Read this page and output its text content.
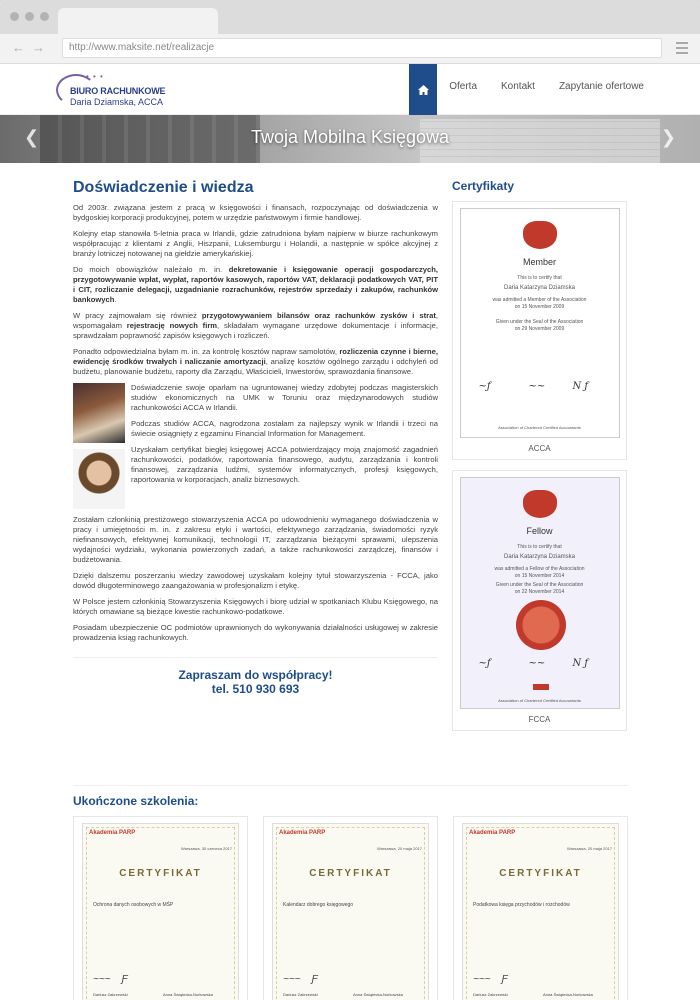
← →	http://www.maksite.net/realizacje
• • •
BIURO RACHUNKOWE
Daria Dziamska, ACCA
Oferta	Kontakt	Zapytanie ofertowe
❮	Twoja Mobilna Księgowa	❯
Doświadczenie i wiedza

Od 2003r. związana jestem z pracą w księgowości i finansach, rozpoczynając od doświadczenia w bydgoskiej korporacji produkcyjnej, potem w urzędzie państwowym i firmie handlowej.

Kolejny etap stanowiła 5-letnia praca w Irlandii, gdzie zatrudniona byłam najpierw w biurze rachunkowym współpracując z klientami z Anglii, Hiszpanii, Luksemburgu i Holandii, a następnie w spółce akcyjnej z branży lotniczej notowanej na giełdzie amerykańskiej.

Do moich obowiązków należało m. in. dekretowanie i księgowanie operacji gospodarczych, przygotowywanie wpłat, wypłat, raportów kasowych, raportów VAT, deklaracji podatkowych VAT, PIT i CIT, rozliczanie delegacji, uzgadnianie rozrachunków, rejestrów sprzedaży i zakupów, rachunków bankowych.

W pracy zajmowałam się również przygotowywaniem bilansów oraz rachunków zysków i strat, wspomagałam rejestrację nowych firm, składałam wymagane urzędowe dokumentacje i informacje, sprawdzałam poprawność zapisów księgowych i rozliczeń.

Ponadto odpowiedzialna byłam m. in. za kontrolę kosztów napraw samolotów, rozliczenia czynne i bierne, ewidencję środków trwałych i naliczanie amortyzacji, analizę kosztów ogólnego zarządu i odchyleń od budżetu, planowanie budżetu, raporty dla Zarządu, Właścicieli, Inwestorów, sprawozdania finansowe.

Doświadczenie swoje oparłam na ugruntowanej wiedzy zdobytej podczas magisterskich studiów ekonomicznych na UMK w Toruniu oraz międzynarodowych studiów rachunkowości ACCA w Irlandii.

Podczas studiów ACCA, nagrodzona zostałam za najlepszy wynik w Irlandii i trzeci na świecie osiągnięty z egzaminu Financial Information for Management.

Uzyskałam certyfikat biegłej księgowej ACCA potwierdzający moją znajomość zagadnień rachunkowości, podatków, raportowania finansowego, audytu, zarządzania i kontroli finansowej, zarządzania ludźmi, systemów informatycznych, profesji księgowych, raportowania w korporacjach, analiz biznesowych.

Zostałam członkinią prestiżowego stowarzyszenia ACCA po udowodnieniu wymaganego doświadczenia w pracy i umiejętności m. in. z zakresu etyki i wartości, efektywnego zarządzania, świadomości ryzyk niefinansowych, efektywnej komunikacji, technologii IT, zarządzania bieżącymi sprawami, ulepszenia wydajności wydziału, wykonania powierzonych zadań, a także rachunkowości zarządczej, finansów i budżetowania.

Dzięki dalszemu poszerzaniu wiedzy zawodowej uzyskałam kolejny tytuł stowarzyszenia - FCCA, jako dowód długoterminowego zaangażowania w profesjonalizm i etykę.

W Polsce jestem członkinią Stowarzyszenia Księgowych i biorę udział w spotkaniach Klubu Księgowego, na których omawiane są bieżące kwestie rachunkowo-podatkowe.

Posiadam ubezpieczenie OC podmiotów uprawnionych do wykonywania działalności usługowej w zakresie prowadzenia ksiąg rachunkowych.

Zapraszam do współpracy!
tel. 510 930 693
Certyfikaty
Member
This is to certify that
Daria Katarzyna Dziamska
was admitted a Member of the Association
on 15 November 2009
Given under the Seal of the Association
on 29 November 2009
~ƒ	~~	N ƒ
Association of Chartered Certified Accountants
ACCA
Fellow
This is to certify that
Daria Katarzyna Dziamska
was admitted a Fellow of the Association
on 15 November 2014
Given under the Seal of the Association
on 22 November 2014
~ƒ	~~	N ƒ
Association of Chartered Certified Accountants
FCCA
Ukończone szkolenia:
Akademia PARP
Warszawa, 30 czerwca 2017
CERTYFIKAT
Ochrona danych osobowych w MŚP
~~~    Ƒ
Dariusz Zakrzewski	Anna Świątecka-Norkowska
Akademia PARP
Warszawa, 20 maja 2017
CERTYFIKAT
Kalendarz dobrego księgowego
~~~    Ƒ
Dariusz Zakrzewski	Anna Świątecka-Norkowska
Akademia PARP
Warszawa, 20 maja 2017
CERTYFIKAT
Podatkowa księga przychodów i rozchodów
~~~    Ƒ
Dariusz Zakrzewski	Anna Świątecka-Norkowska
